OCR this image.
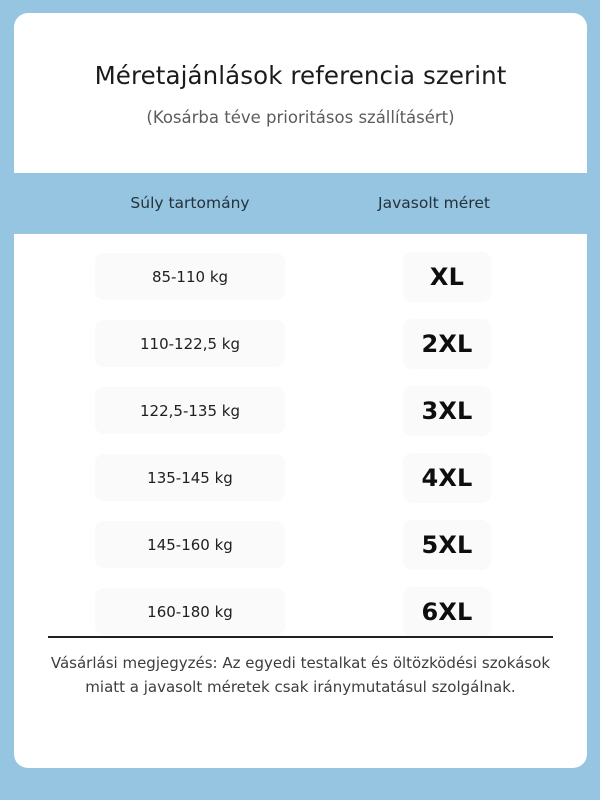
Méretajánlások referencia szerint
(Kosárba téve prioritásos szállításért)
Súly tartomány	Javasolt méret
85-110 kg	XL
110-122,5 kg	2XL
122,5-135 kg	3XL
135-145 kg	4XL
145-160 kg	5XL
160-180 kg	6XL
Vásárlási megjegyzés: Az egyedi testalkat és öltözködési szokások miatt a javasolt méretek csak iránymutatásul szolgálnak.
